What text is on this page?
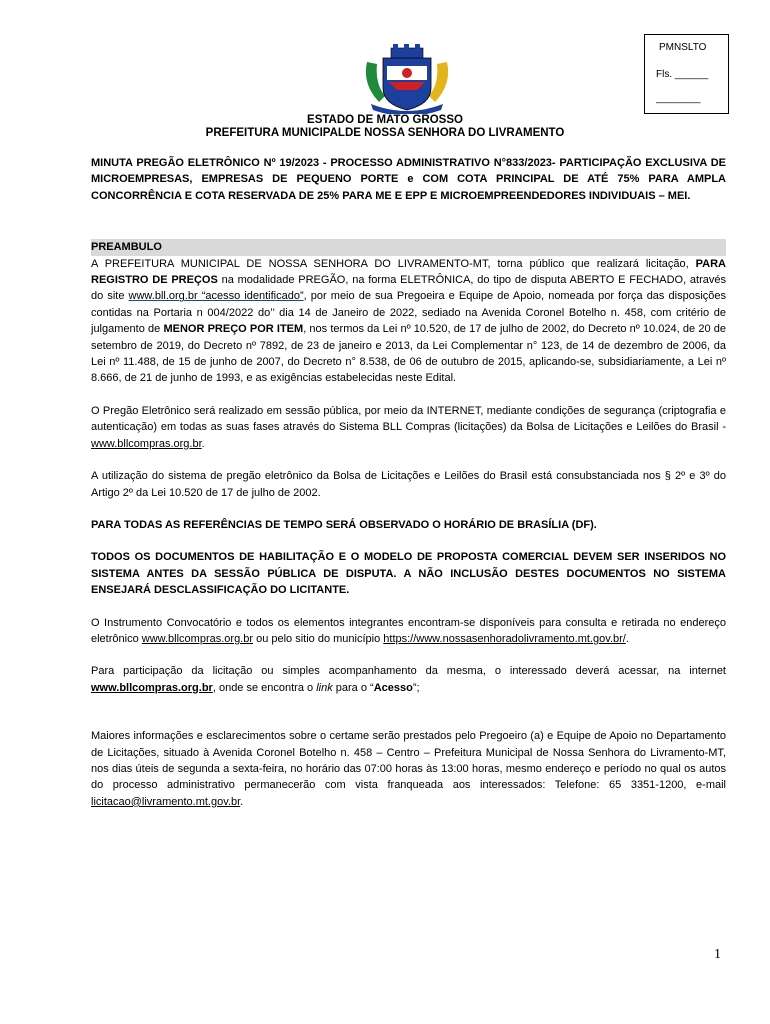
PMNSLTO
Fls. ______
________
ESTADO DE MATO GROSSO
PREFEITURA MUNICIPALDE NOSSA SENHORA DO LIVRAMENTO

MINUTA PREGÃO ELETRÔNICO Nº 19/2023 - PROCESSO ADMINISTRATIVO N°833/2023- PARTICIPAÇÃO EXCLUSIVA DE MICROEMPRESAS, EMPRESAS DE PEQUENO PORTE e COM COTA PRINCIPAL DE ATÉ 75% PARA AMPLA CONCORRÊNCIA E COTA RESERVADA DE 25% PARA ME E EPP E MICROEMPREENDEDORES INDIVIDUAIS – MEI.

PREAMBULO

A PREFEITURA MUNICIPAL DE NOSSA SENHORA DO LIVRAMENTO-MT, torna público que realizará licitação, PARA REGISTRO DE PREÇOS na modalidade PREGÃO, na forma ELETRÔNICA, do tipo de disputa ABERTO E FECHADO, através do site www.bll.org.br “acesso identificado”, por meio de sua Pregoeira e Equipe de Apoio, nomeada por força das disposições contidas na Portaria n 004/2022 do’’ dia 14 de Janeiro de 2022, sediado na Avenida Coronel Botelho n. 458, com critério de julgamento de MENOR PREÇO POR ITEM, nos termos da Lei nº 10.520, de 17 de julho de 2002, do Decreto nº 10.024, de 20 de setembro de 2019, do Decreto nº 7892, de 23 de janeiro e 2013, da Lei Complementar n° 123, de 14 de dezembro de 2006, da Lei nº 11.488, de 15 de junho de 2007, do Decreto n° 8.538, de 06 de outubro de 2015, aplicando-se, subsidiariamente, a Lei nº 8.666, de 21 de junho de 1993, e as exigências estabelecidas neste Edital.

O Pregão Eletrônico será realizado em sessão pública, por meio da INTERNET, mediante condições de segurança (criptografia e autenticação) em todas as suas fases através do Sistema BLL Compras (licitações) da Bolsa de Licitações e Leilões do Brasil - www.bllcompras.org.br.

A utilização do sistema de pregão eletrônico da Bolsa de Licitações e Leilões do Brasil está consubstanciada nos § 2º e 3º do Artigo 2º da Lei 10.520 de 17 de julho de 2002.

PARA TODAS AS REFERÊNCIAS DE TEMPO SERÁ OBSERVADO O HORÁRIO DE BRASÍLIA (DF).

TODOS OS DOCUMENTOS DE HABILITAÇÃO E O MODELO DE PROPOSTA COMERCIAL DEVEM SER INSERIDOS NO SISTEMA ANTES DA SESSÃO PÚBLICA DE DISPUTA. A NÃO INCLUSÃO DESTES DOCUMENTOS NO SISTEMA ENSEJARÁ DESCLASSIFICAÇÃO DO LICITANTE.

O Instrumento Convocatório e todos os elementos integrantes encontram-se disponíveis para consulta e retirada no endereço eletrônico www.bllcompras.org.br ou pelo sitio do município https://www.nossasenhoradolivramento.mt.gov.br/.

Para participação da licitação ou simples acompanhamento da mesma, o interessado deverá acessar, na internet www.bllcompras.org.br, onde se encontra o link para o “Acesso”;

Maiores informações e esclarecimentos sobre o certame serão prestados pelo Pregoeiro (a) e Equipe de Apoio no Departamento de Licitações, situado à Avenida Coronel Botelho n. 458 – Centro – Prefeitura Municipal de Nossa Senhora do Livramento-MT, nos dias úteis de segunda a sexta-feira, no horário das 07:00 horas às 13:00 horas, mesmo endereço e período no qual os autos do processo administrativo permanecerão com vista franqueada aos interessados: Telefone: 65 3351-1200, e-mail licitacao@livramento.mt.gov.br.

1
